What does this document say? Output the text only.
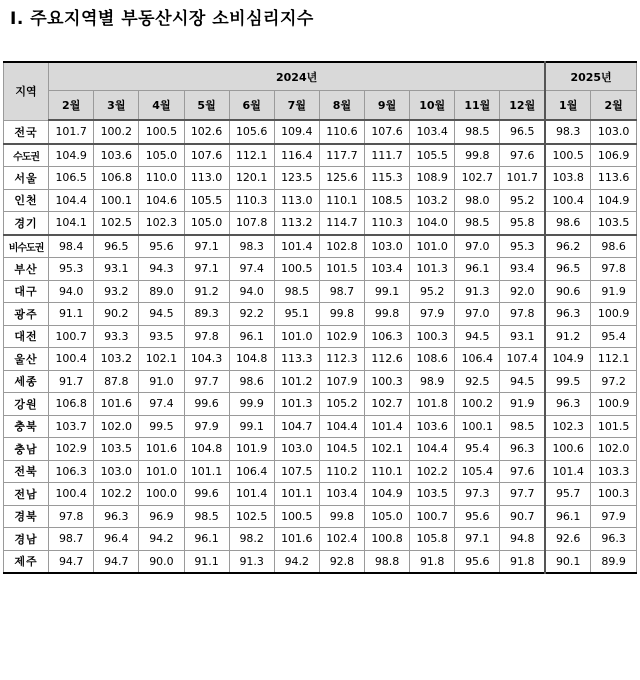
Ⅰ. 주요지역별 부동산시장 소비심리지수
지역	2024년											2025년	
	2월	3월	4월	5월	6월	7월	8월	9월	10월	11월	12월	1월	2월
전국	101.7	100.2	100.5	102.6	105.6	109.4	110.6	107.6	103.4	98.5	96.5	98.3	103.0
수도권	104.9	103.6	105.0	107.6	112.1	116.4	117.7	111.7	105.5	99.8	97.6	100.5	106.9
서울	106.5	106.8	110.0	113.0	120.1	123.5	125.6	115.3	108.9	102.7	101.7	103.8	113.6
인천	104.4	100.1	104.6	105.5	110.3	113.0	110.1	108.5	103.2	98.0	95.2	100.4	104.9
경기	104.1	102.5	102.3	105.0	107.8	113.2	114.7	110.3	104.0	98.5	95.8	98.6	103.5
비수도권	98.4	96.5	95.6	97.1	98.3	101.4	102.8	103.0	101.0	97.0	95.3	96.2	98.6
부산	95.3	93.1	94.3	97.1	97.4	100.5	101.5	103.4	101.3	96.1	93.4	96.5	97.8
대구	94.0	93.2	89.0	91.2	94.0	98.5	98.7	99.1	95.2	91.3	92.0	90.6	91.9
광주	91.1	90.2	94.5	89.3	92.2	95.1	99.8	99.8	97.9	97.0	97.8	96.3	100.9
대전	100.7	93.3	93.5	97.8	96.1	101.0	102.9	106.3	100.3	94.5	93.1	91.2	95.4
울산	100.4	103.2	102.1	104.3	104.8	113.3	112.3	112.6	108.6	106.4	107.4	104.9	112.1
세종	91.7	87.8	91.0	97.7	98.6	101.2	107.9	100.3	98.9	92.5	94.5	99.5	97.2
강원	106.8	101.6	97.4	99.6	99.9	101.3	105.2	102.7	101.8	100.2	91.9	96.3	100.9
충북	103.7	102.0	99.5	97.9	99.1	104.7	104.4	101.4	103.6	100.1	98.5	102.3	101.5
충남	102.9	103.5	101.6	104.8	101.9	103.0	104.5	102.1	104.4	95.4	96.3	100.6	102.0
전북	106.3	103.0	101.0	101.1	106.4	107.5	110.2	110.1	102.2	105.4	97.6	101.4	103.3
전남	100.4	102.2	100.0	99.6	101.4	101.1	103.4	104.9	103.5	97.3	97.7	95.7	100.3
경북	97.8	96.3	96.9	98.5	102.5	100.5	99.8	105.0	100.7	95.6	90.7	96.1	97.9
경남	98.7	96.4	94.2	96.1	98.2	101.6	102.4	100.8	105.8	97.1	94.8	92.6	96.3
제주	94.7	94.7	90.0	91.1	91.3	94.2	92.8	98.8	91.8	95.6	91.8	90.1	89.9
